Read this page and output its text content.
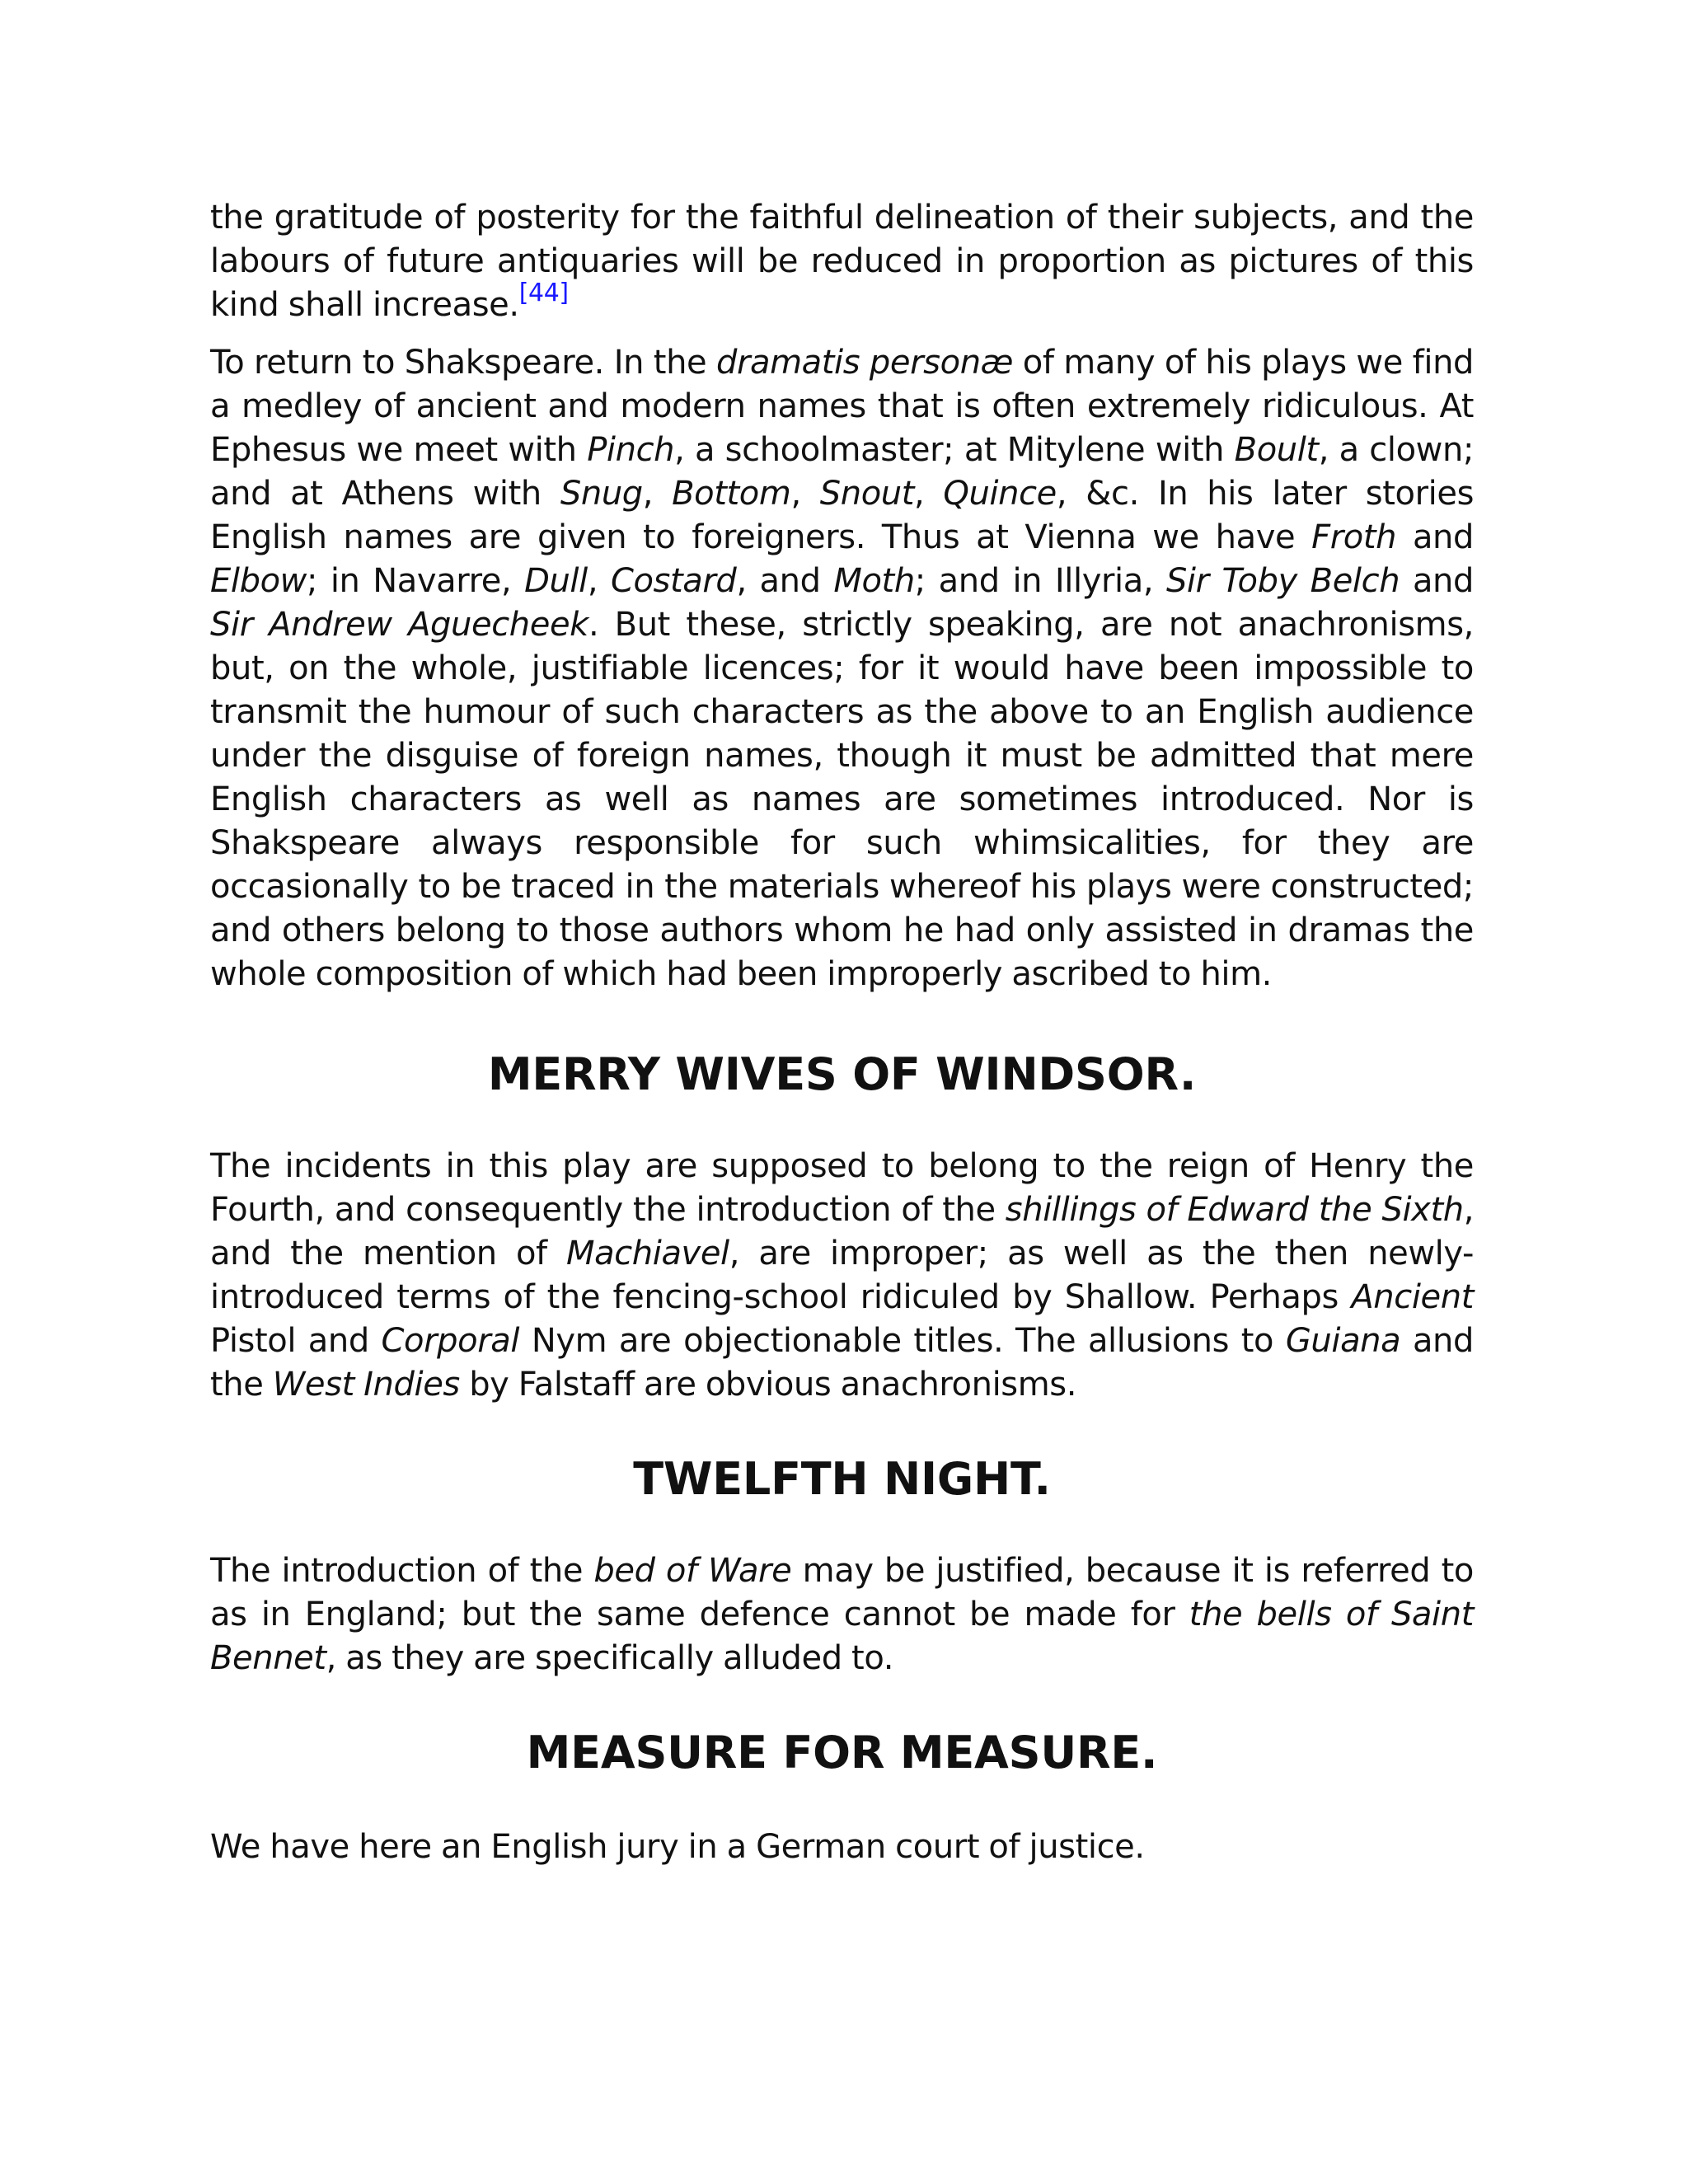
the gratitude of posterity for the faithful delineation of their subjects, and the labours of future antiquaries will be reduced in proportion as pictures of this kind shall increase.[44]

To return to Shakspeare. In the dramatis personæ of many of his plays we find a medley of ancient and modern names that is often extremely ridiculous. At Ephesus we meet with Pinch, a schoolmaster; at Mitylene with Boult, a clown; and at Athens with Snug, Bottom, Snout, Quince, &c. In his later stories English names are given to foreigners. Thus at Vienna we have Froth and Elbow; in Navarre, Dull, Costard, and Moth; and in Illyria, Sir Toby Belch and Sir Andrew Aguecheek. But these, strictly speaking, are not anachronisms, but, on the whole, justifiable licences; for it would have been impossible to transmit the humour of such characters as the above to an English audience under the disguise of foreign names, though it must be admitted that mere English characters as well as names are sometimes introduced. Nor is Shakspeare always responsible for such whimsicalities, for they are occasionally to be traced in the materials whereof his plays were constructed; and others belong to those authors whom he had only assisted in dramas the whole composition of which had been improperly ascribed to him.

MERRY WIVES OF WINDSOR.

The incidents in this play are supposed to belong to the reign of Henry the Fourth, and consequently the introduction of the shillings of Edward the Sixth, and the mention of Machiavel, are improper; as well as the then newly-introduced terms of the fencing-school ridiculed by Shallow. Perhaps Ancient Pistol and Corporal Nym are objectionable titles. The allusions to Guiana and the West Indies by Falstaff are obvious anachronisms.

TWELFTH NIGHT.

The introduction of the bed of Ware may be justified, because it is referred to as in England; but the same defence cannot be made for the bells of Saint Bennet, as they are specifically alluded to.

MEASURE FOR MEASURE.

We have here an English jury in a German court of justice.
